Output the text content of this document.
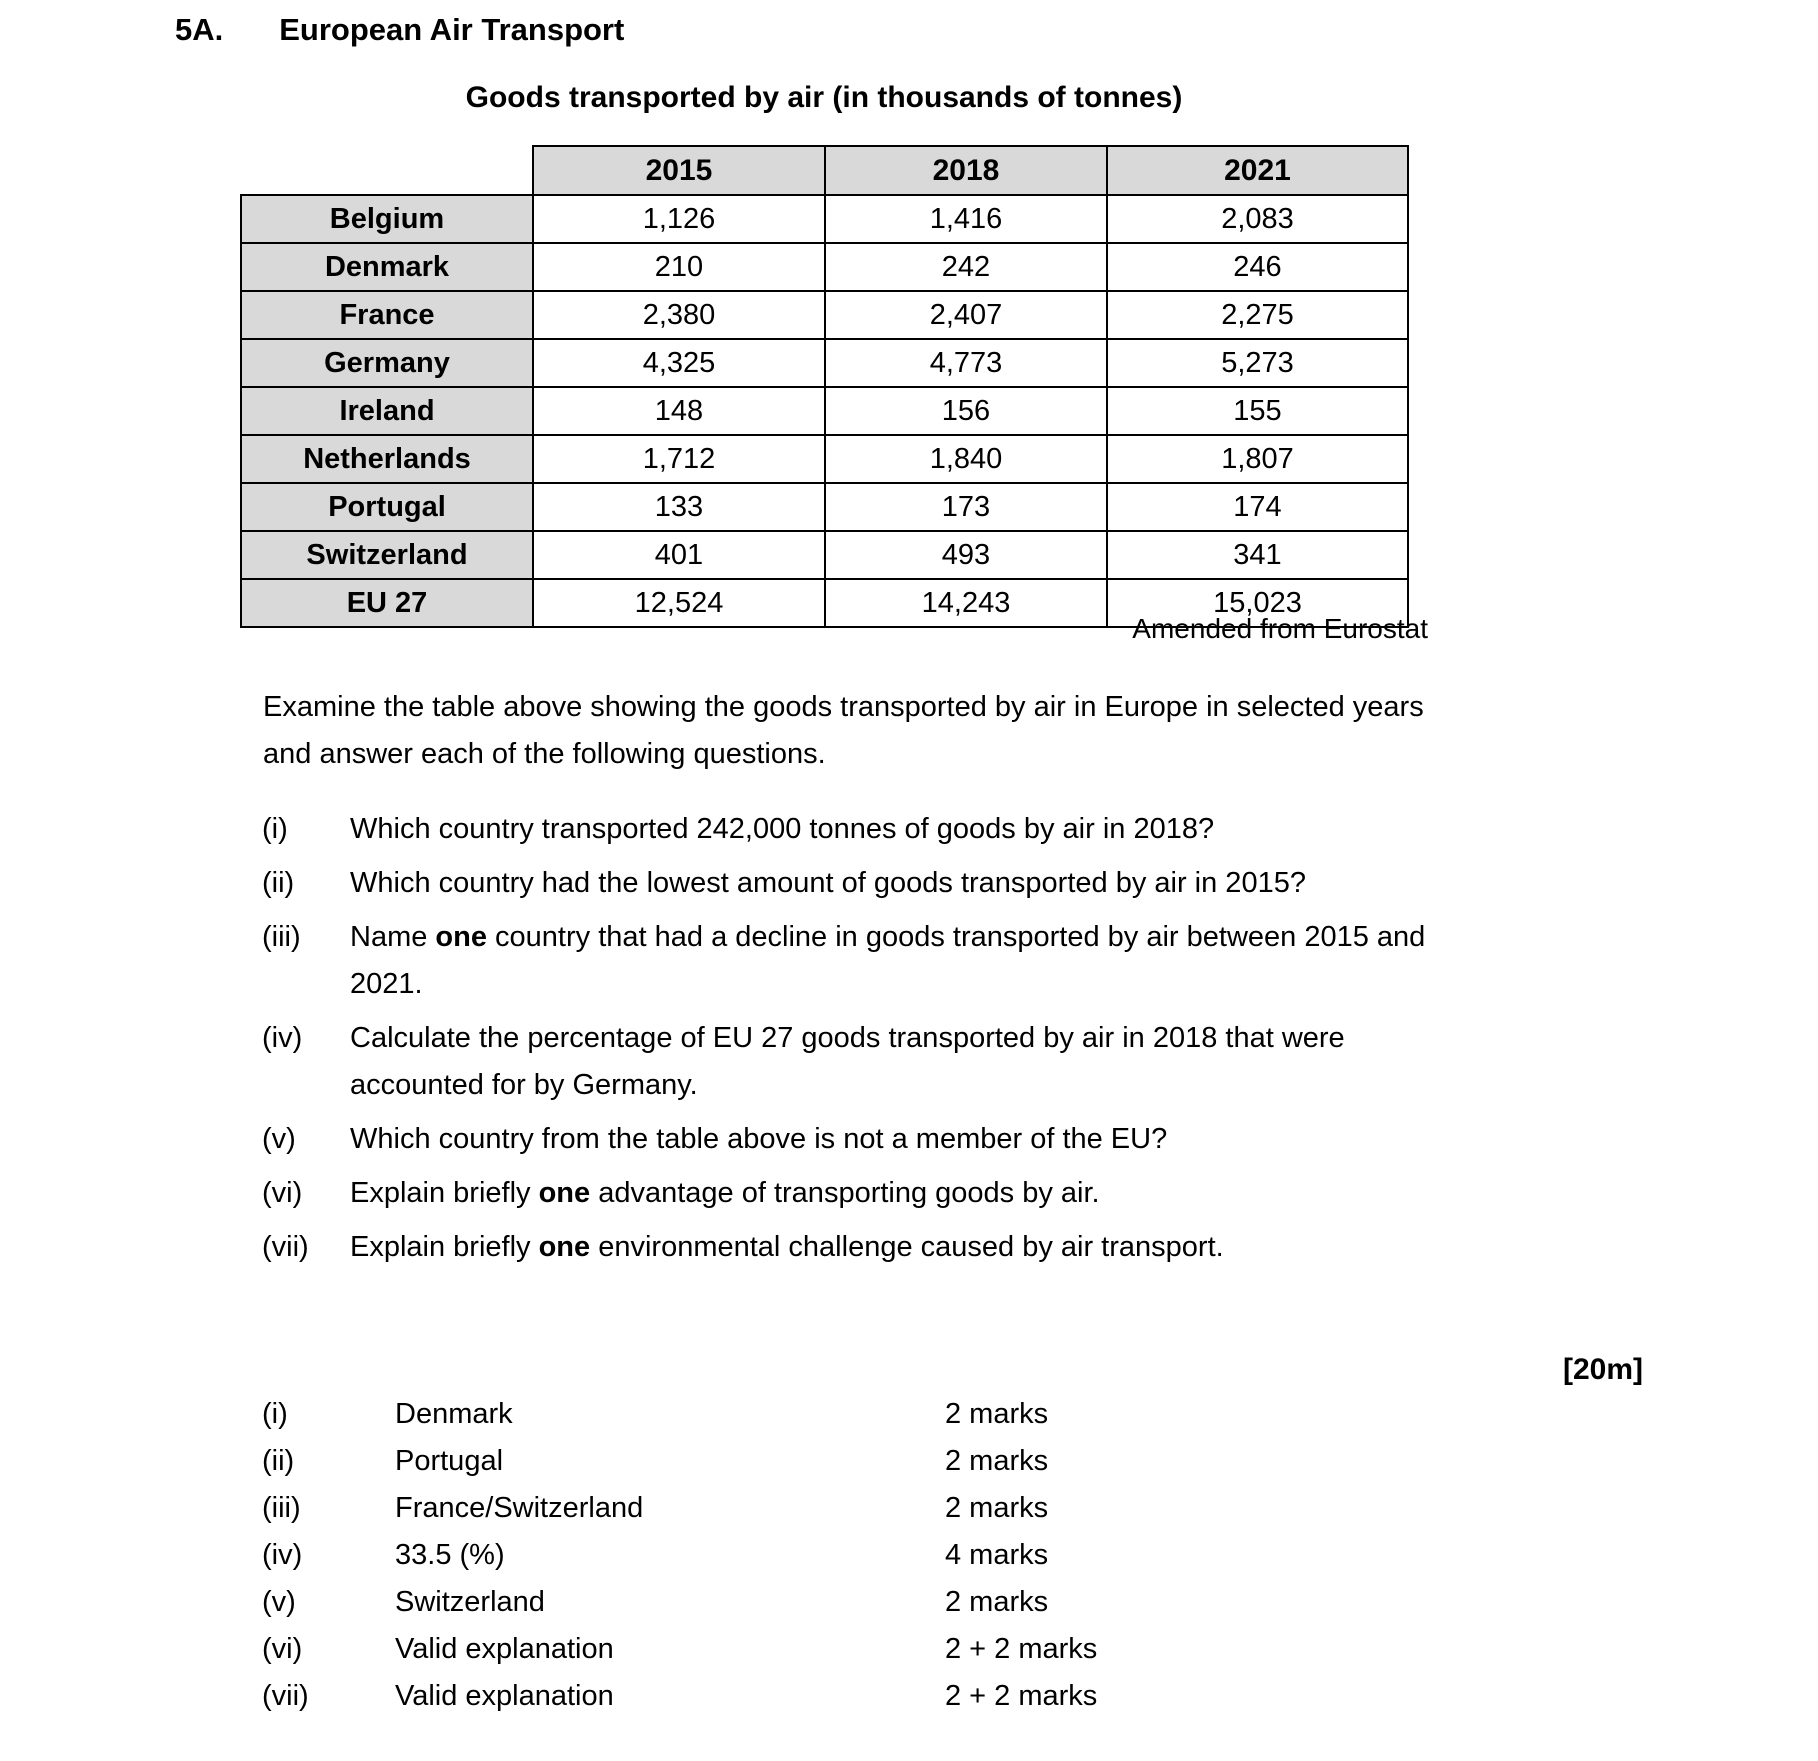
5A. European Air Transport
Goods transported by air (in thousands of tonnes)
	2015	2018	2021
Belgium	1,126	1,416	2,083
Denmark	210	242	246
France	2,380	2,407	2,275
Germany	4,325	4,773	5,273
Ireland	148	156	155
Netherlands	1,712	1,840	1,807
Portugal	133	173	174
Switzerland	401	493	341
EU 27	12,524	14,243	15,023
Amended from Eurostat
Examine the table above showing the goods transported by air in Europe in selected years
and answer each of the following questions.
(i)	Which country transported 242,000 tonnes of goods by air in 2018?
(ii)	Which country had the lowest amount of goods transported by air in 2015?
(iii)	Name one country that had a decline in goods transported by air between 2015 and
2021.
(iv)	Calculate the percentage of EU 27 goods transported by air in 2018 that were
accounted for by Germany.
(v)	Which country from the table above is not a member of the EU?
(vi)	Explain briefly one advantage of transporting goods by air.
(vii)	Explain briefly one environmental challenge caused by air transport.
[20m]
(i)	Denmark	2 marks
(ii)	Portugal	2 marks
(iii)	France/Switzerland	2 marks
(iv)	33.5 (%)	4 marks
(v)	Switzerland	2 marks
(vi)	Valid explanation	2 + 2 marks
(vii)	Valid explanation	2 + 2 marks
